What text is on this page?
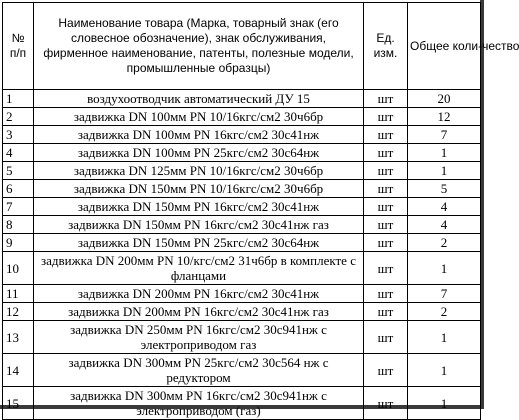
№ п/п	Наименование товара (Марка, товарный знак (его словесное обозначение), знак обслуживания, фирменное наименование, патенты, полезные модели, промышленные образцы)	Ед. изм.	Общее коли-чество

1	воздухоотводчик автоматический ДУ 15	шт	20
2	задвижка DN 100мм PN 10/16кгс/см2 30ч6бр	шт	12
3	задвижка DN 100мм PN 16кгс/см2 30с41нж	шт	7
4	задвижка DN 100мм PN 25кгс/см2 30с64нж	шт	1
5	задвижка DN 125мм PN 10/16кгс/см2 30ч6бр	шт	1
6	задвижка DN 150мм PN 10/16кгс/см2 30ч6бр	шт	5
7	задвижка DN 150мм PN 16кгс/см2 30с41нж	шт	4
8	задвижка DN 150мм PN 16кгс/см2 30с41нж газ	шт	4
9	задвижка DN 150мм PN 25кгс/см2 30с64нж	шт	2
10	задвижка DN 200мм PN 10/кгс/см2 31ч6бр в комплекте с фланцами	шт	1
11	задвижка DN 200мм PN 16кгс/см2 30с41нж	шт	7
12	задвижка DN 200мм PN 16кгс/см2 30с41нж газ	шт	2
13	задвижка DN 250мм PN 16кгс/см2 30с941нж с электроприводом газ	шт	1
14	задвижка DN 300мм PN 25кгс/см2 30с564 нж с редуктором	шт	1
15	задвижка DN 300мм PN 16кгс/см2 30с941нж с электроприводом (газ)	шт	1
